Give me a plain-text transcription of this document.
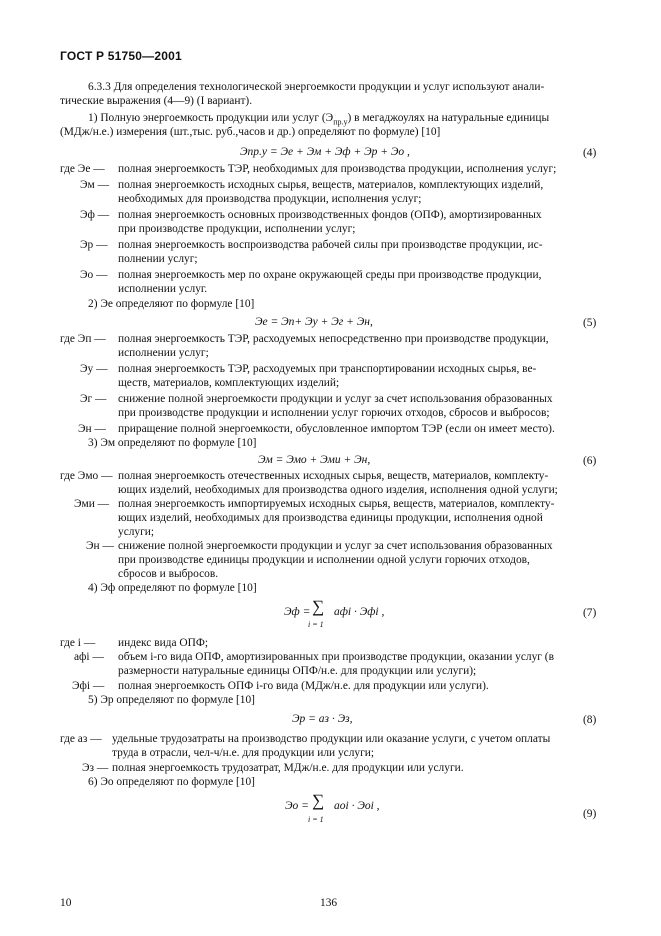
ГОСТ Р 51750—2001
6.3.3 Для определения технологической энергоемкости продукции и услуг используют анали-
тические выражения (4—9) (I вариант).
1) Полную энергоемкость продукции или услуг $(Э_{пр.у})$ в мегаджоулях на натуральные единицы
(МДж/н.е.) измерения (шт.,тыс. руб.,часов и др.) определяют по формуле) [10]
Эпр.у = Эе + Эм + Эф + Эр + Эо ,	(4)
где Эе — полная энергоемкость ТЭР, необходимых для производства продукции, исполнения услуг;
Эм — полная энергоемкость исходных сырья, веществ, материалов, комплектующих изделий,
необходимых для производства продукции, исполнения услуг;
Эф — полная энергоемкость основных производственных фондов (ОПФ), амортизированных
при производстве продукции, исполнении услуг;
Эр — полная энергоемкость воспроизводства рабочей силы при производстве продукции, ис-
полнении услуг;
Эо — полная энергоемкость мер по охране окружающей среды при производстве продукции,
исполнении услуг.
2) Эе определяют по формуле [10]
Эе = Эп+ Эу + Эг + Эн,	(5)
где Эп — полная энергоемкость ТЭР, расходуемых непосредственно при производстве продукции,
исполнении услуг;
Эу — полная энергоемкость ТЭР, расходуемых при транспортировании исходных сырья, ве-
ществ, материалов, комплектующих изделий;
Эг — снижение полной энергоемкости продукции и услуг за счет использования образованных
при производстве продукции и исполнении услуг горючих отходов, сбросов и выбросов;
Эн — приращение полной энергоемкости, обусловленное импортом ТЭР (если он имеет место).
3) Эм определяют по формуле [10]
Эм = Эмо + Эми + Эн,	(6)
где Эмо — полная энергоемкость отечественных исходных сырья, веществ, материалов, комплекту-
ющих изделий, необходимых для производства одного изделия, исполнения одной услуги;
Эми — полная энергоемкость импортируемых исходных сырья, веществ, материалов, комплекту-
ющих изделий, необходимых для производства единицы продукции, исполнения одной
услуги;
Эн — снижение полной энергоемкости продукции и услуг за счет использования образованных
при производстве единицы продукции и исполнении одной услуги горючих отходов,
сбросов и выбросов.
4) Эф определяют по формуле [10]
Эф = ∑
i = 1
aфi · Эфi ,	(7)
где i — индекс вида ОПФ;
aфi — объем i-го вида ОПФ, амортизированных при производстве продукции, оказании услуг (в
размерности натуральные единицы ОПФ/н.е. для продукции или услуги);
Эфi — полная энергоемкость ОПФ i-го вида (МДж/н.е. для продукции или услуги).
5) Эр определяют по формуле [10]
Эр = aз · Эз,	(8)
где aз — удельные трудозатраты на производство продукции или оказание услуги, с учетом оплаты
труда в отрасли, чел-ч/н.е. для продукции или услуги;
Эз — полная энергоемкость трудозатрат, МДж/н.е. для продукции или услуги.
6) Эо определяют по формуле [10]
Эо = ∑
i = 1
aоi · Эоi ,
(9)
10	136
